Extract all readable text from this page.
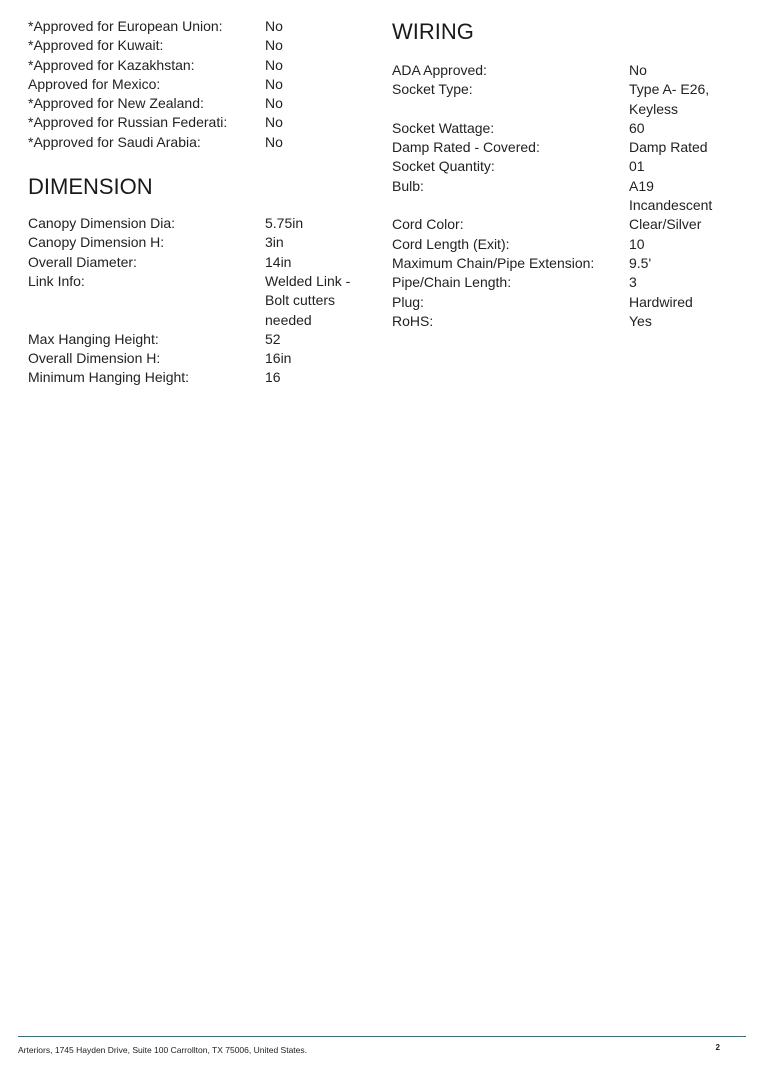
*Approved for European Union:	No
*Approved for Kuwait:	No
*Approved for Kazakhstan:	No
Approved for Mexico:	No
*Approved for New Zealand:	No
*Approved for Russian Federati:	No
*Approved for Saudi Arabia:	No
DIMENSION
Canopy Dimension Dia:	5.75in
Canopy Dimension H:	3in
Overall Diameter:	14in
Link Info:	Welded Link -
Bolt cutters
needed
Max Hanging Height:	52
Overall Dimension H:	16in
Minimum Hanging Height:	16
WIRING
ADA Approved:	No
Socket Type:	Type A- E26,
Keyless
Socket Wattage:	60
Damp Rated - Covered:	Damp Rated
Socket Quantity:	01
Bulb:	A19
Incandescent
Cord Color:	Clear/Silver
Cord Length (Exit):	10
Maximum Chain/Pipe Extension:	9.5'
Pipe/Chain Length:	3
Plug:	Hardwired
RoHS:	Yes
Arteriors, 1745 Hayden Drive, Suite 100 Carrollton, TX 75006, United States.	2
